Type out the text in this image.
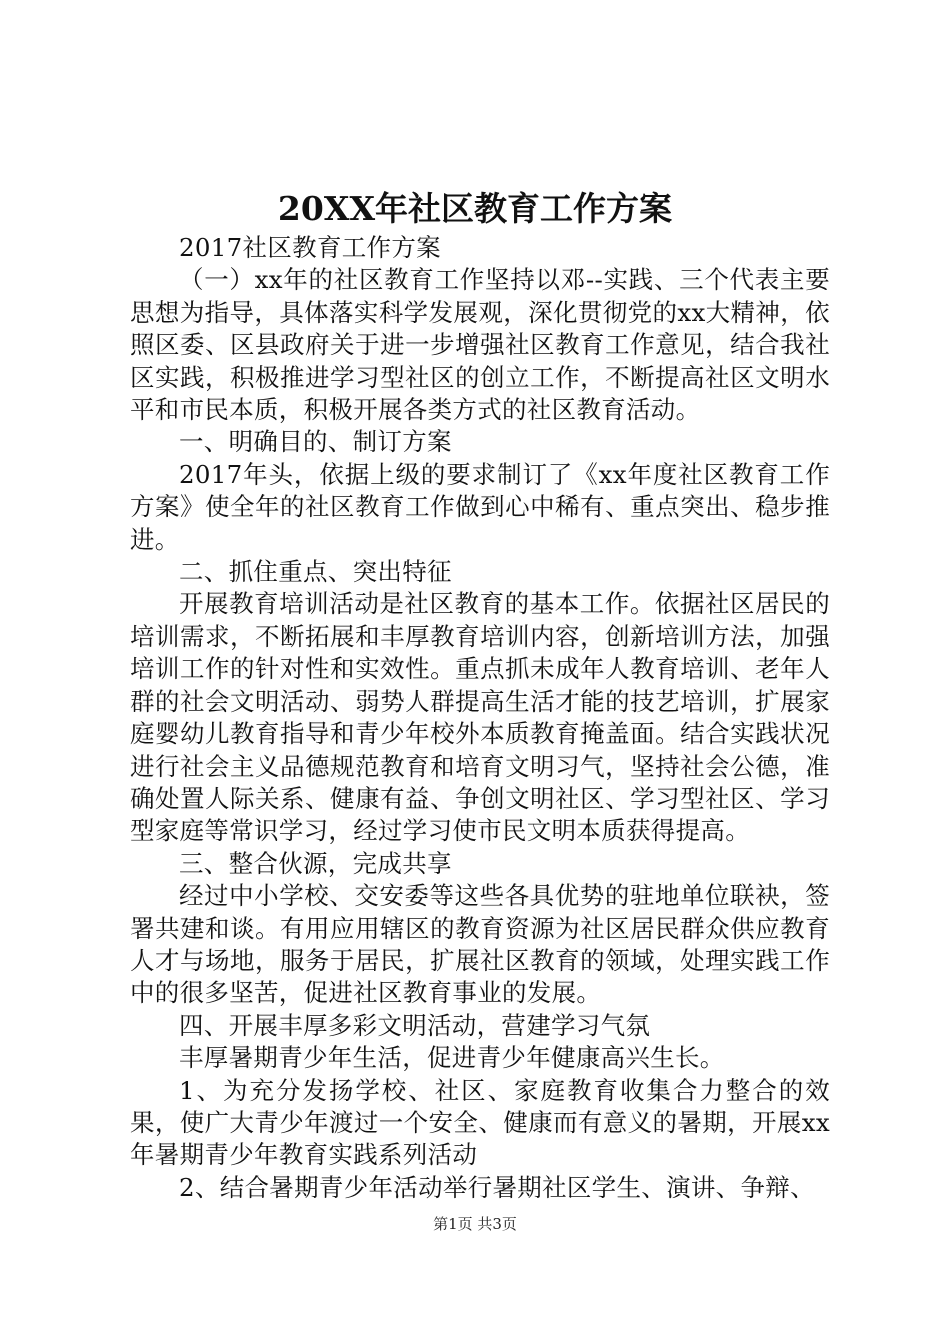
20XX年社区教育工作方案

2017社区教育工作方案

（一）xx年的社区教育工作坚持以邓--实践、三个代表主要思想为指导，具体落实科学发展观，深化贯彻党的xx大精神，依照区委、区县政府关于进一步增强社区教育工作意见，结合我社区实践，积极推进学习型社区的创立工作，不断提高社区文明水平和市民本质，积极开展各类方式的社区教育活动。

一、明确目的、制订方案

2017年头，依据上级的要求制订了《xx年度社区教育工作方案》使全年的社区教育工作做到心中稀有、重点突出、稳步推进。

二、抓住重点、突出特征

开展教育培训活动是社区教育的基本工作。依据社区居民的培训需求，不断拓展和丰厚教育培训内容，创新培训方法，加强培训工作的针对性和实效性。重点抓未成年人教育培训、老年人群的社会文明活动、弱势人群提高生活才能的技艺培训，扩展家庭婴幼儿教育指导和青少年校外本质教育掩盖面。结合实践状况进行社会主义品德规范教育和培育文明习气，坚持社会公德，准确处置人际关系、健康有益、争创文明社区、学习型社区、学习型家庭等常识学习，经过学习使市民文明本质获得提高。

三、整合伙源，完成共享

经过中小学校、交安委等这些各具优势的驻地单位联袂，签署共建和谈。有用应用辖区的教育资源为社区居民群众供应教育人才与场地，服务于居民，扩展社区教育的领域，处理实践工作中的很多坚苦，促进社区教育事业的发展。

四、开展丰厚多彩文明活动，营建学习气氛

丰厚暑期青少年生活，促进青少年健康高兴生长。

1、为充分发扬学校、社区、家庭教育收集合力整合的效果，使广大青少年渡过一个安全、健康而有意义的暑期，开展xx年暑期青少年教育实践系列活动

2、结合暑期青少年活动举行暑期社区学生、演讲、争辩、

第1页 共3页
